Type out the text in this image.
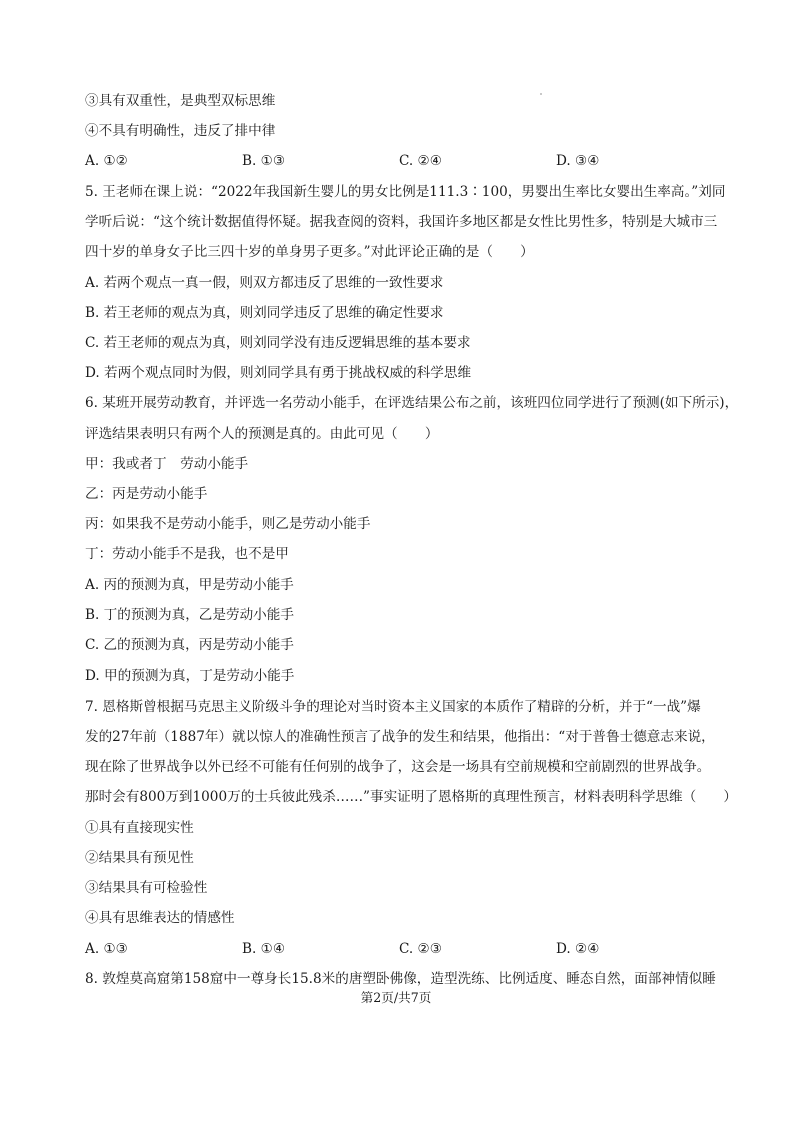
③具有双重性，是典型双标思维
④不具有明确性，违反了排中律
A. ①②	B. ①③	C. ②④	D. ③④
5. 王老师在课上说：“2022年我国新生婴儿的男女比例是111.3∶100，男婴出生率比女婴出生率高。”刘同
学听后说：“这个统计数据值得怀疑。据我查阅的资料，我国许多地区都是女性比男性多，特别是大城市三
四十岁的单身女子比三四十岁的单身男子更多。”对此评论正确的是（　　）
A. 若两个观点一真一假，则双方都违反了思维的一致性要求
B. 若王老师的观点为真，则刘同学违反了思维的确定性要求
C. 若王老师的观点为真，则刘同学没有违反逻辑思维的基本要求
D. 若两个观点同时为假，则刘同学具有勇于挑战权威的科学思维
6. 某班开展劳动教育，并评选一名劳动小能手，在评选结果公布之前，该班四位同学进行了预测(如下所示)，
评选结果表明只有两个人的预测是真的。由此可见（　　）
甲：我或者丁　劳动小能手
乙：丙是劳动小能手
丙：如果我不是劳动小能手，则乙是劳动小能手
丁：劳动小能手不是我，也不是甲
A. 丙的预测为真，甲是劳动小能手
B. 丁的预测为真，乙是劳动小能手
C. 乙的预测为真，丙是劳动小能手
D. 甲的预测为真，丁是劳动小能手
7. 恩格斯曾根据马克思主义阶级斗争的理论对当时资本主义国家的本质作了精辟的分析，并于“一战”爆
发的27年前（1887年）就以惊人的准确性预言了战争的发生和结果，他指出：“对于普鲁士德意志来说，
现在除了世界战争以外已经不可能有任何别的战争了，这会是一场具有空前规模和空前剧烈的世界战争。
那时会有800万到1000万的士兵彼此残杀……”事实证明了恩格斯的真理性预言，材料表明科学思维（　　）
①具有直接现实性
②结果具有预见性
③结果具有可检验性
④具有思维表达的情感性
A. ①③	B. ①④	C. ②③	D. ②④
8. 敦煌莫高窟第158窟中一尊身长15.8米的唐塑卧佛像，造型洗练、比例适度、睡态自然，面部神情似睡
第2页/共7页
